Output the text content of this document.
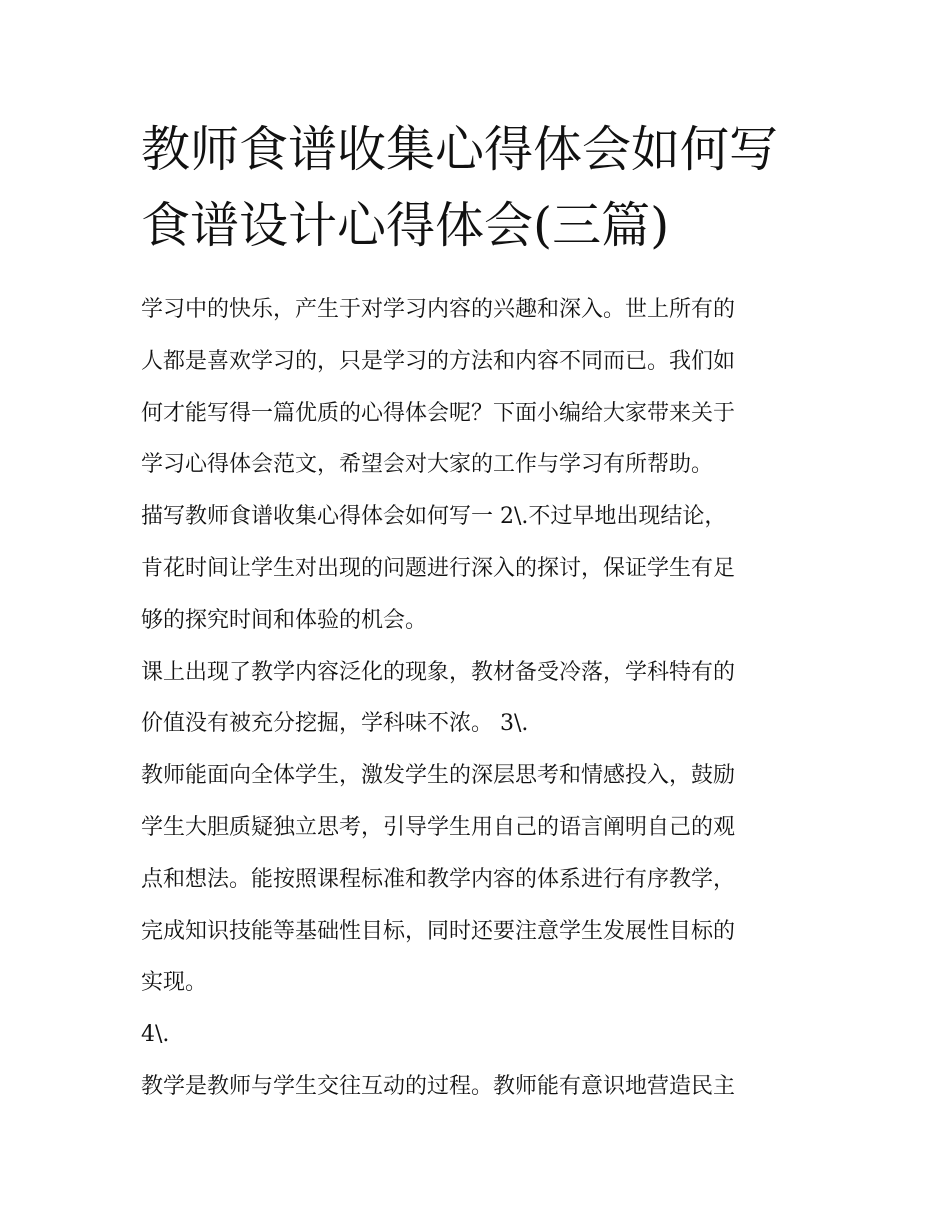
教师食谱收集心得体会如何写
食谱设计心得体会(三篇)

学习中的快乐，产生于对学习内容的兴趣和深入。世上所有的
人都是喜欢学习的，只是学习的方法和内容不同而已。我们如
何才能写得一篇优质的心得体会呢？下面小编给大家带来关于
学习心得体会范文，希望会对大家的工作与学习有所帮助。

描写教师食谱收集心得体会如何写一 2\.不过早地出现结论，
肯花时间让学生对出现的问题进行深入的探讨，保证学生有足
够的探究时间和体验的机会。

课上出现了教学内容泛化的现象，教材备受冷落，学科特有的
价值没有被充分挖掘，学科味不浓。 3\.

教师能面向全体学生，激发学生的深层思考和情感投入，鼓励
学生大胆质疑独立思考，引导学生用自己的语言阐明自己的观
点和想法。能按照课程标准和教学内容的体系进行有序教学，
完成知识技能等基础性目标，同时还要注意学生发展性目标的
实现。

4\.

教学是教师与学生交往互动的过程。教师能有意识地营造民主
